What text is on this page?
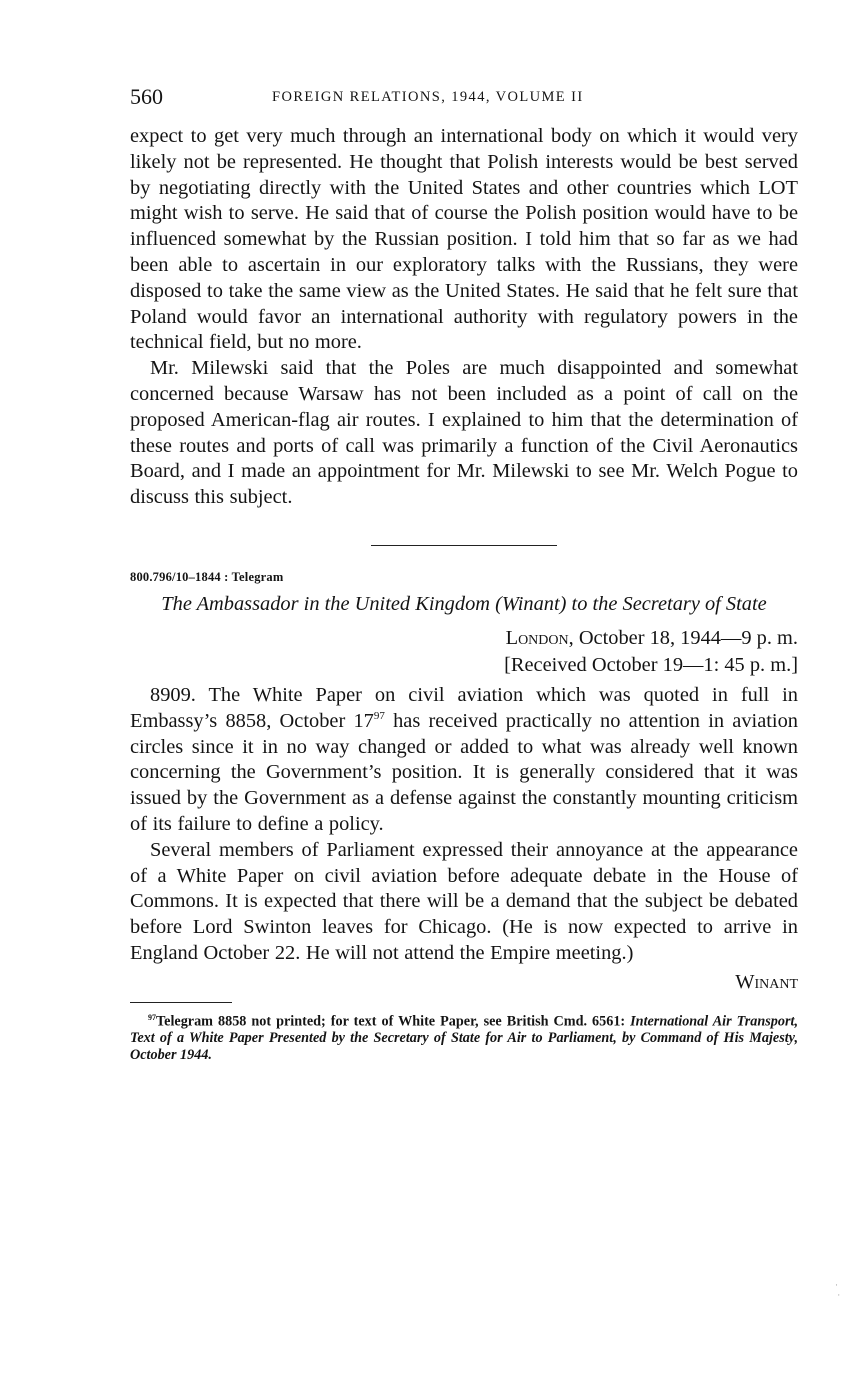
560	FOREIGN RELATIONS, 1944, VOLUME II

expect to get very much through an international body on which it would very likely not be represented. He thought that Polish interests would be best served by negotiating directly with the United States and other countries which LOT might wish to serve. He said that of course the Polish position would have to be influenced somewhat by the Russian position. I told him that so far as we had been able to ascertain in our exploratory talks with the Russians, they were disposed to take the same view as the United States. He said that he felt sure that Poland would favor an international authority with regulatory powers in the technical field, but no more.

Mr. Milewski said that the Poles are much disappointed and somewhat concerned because Warsaw has not been included as a point of call on the proposed American-flag air routes. I explained to him that the determination of these routes and ports of call was primarily a function of the Civil Aeronautics Board, and I made an appointment for Mr. Milewski to see Mr. Welch Pogue to discuss this subject.

800.796/10–1844 : Telegram

The Ambassador in the United Kingdom (Winant) to the Secretary of State

London, October 18, 1944—9 p. m.
[Received October 19—1: 45 p. m.]

8909. The White Paper on civil aviation which was quoted in full in Embassy’s 8858, October 17$^{97}$ has received practically no attention in aviation circles since it in no way changed or added to what was already well known concerning the Government’s position. It is generally considered that it was issued by the Government as a defense against the constantly mounting criticism of its failure to define a policy.

Several members of Parliament expressed their annoyance at the appearance of a White Paper on civil aviation before adequate debate in the House of Commons. It is expected that there will be a demand that the subject be debated before Lord Swinton leaves for Chicago. (He is now expected to arrive in England October 22. He will not attend the Empire meeting.)

Winant

$^{97}$Telegram 8858 not printed; for text of White Paper, see British Cmd. 6561: International Air Transport, Text of a White Paper Presented by the Secretary of State for Air to Parliament, by Command of His Majesty, October 1944.

·
·
